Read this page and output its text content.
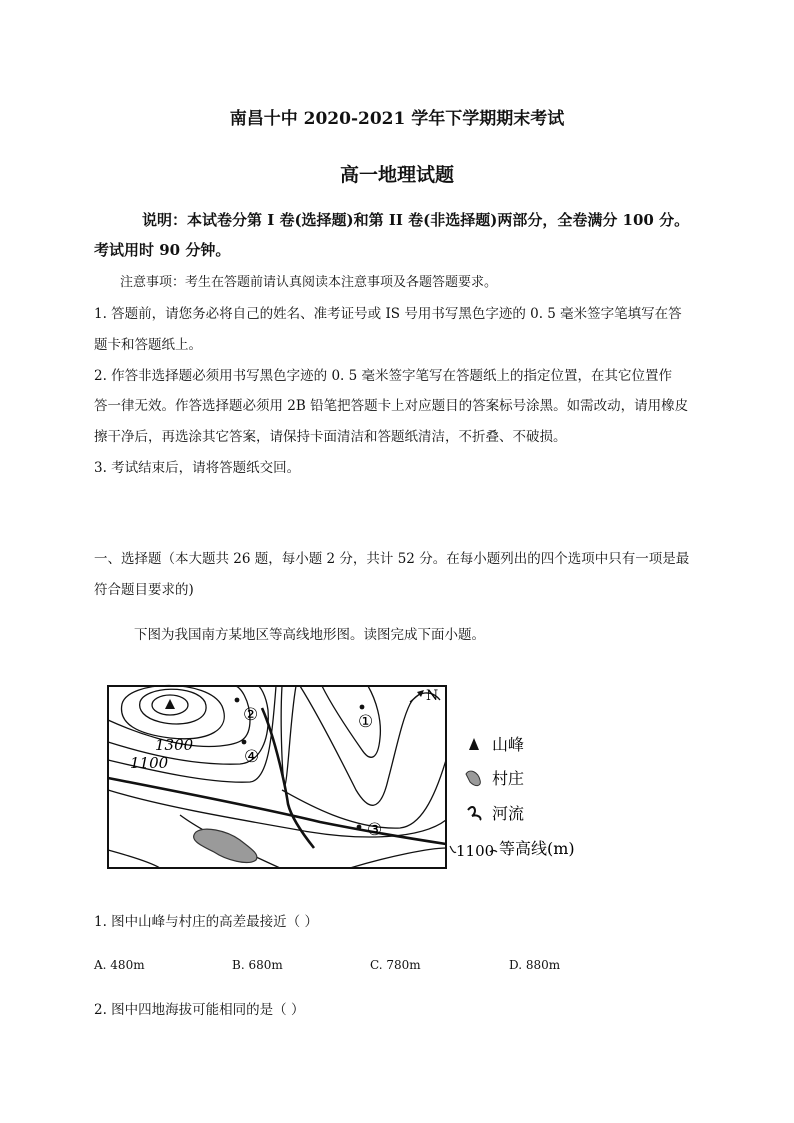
南昌十中 2020-2021 学年下学期期末考试
高一地理试题
说明：本试卷分第 I 卷(选择题)和第 II 卷(非选择题)两部分，全卷满分 100 分。
考试用时 90 分钟。
注意事项：考生在答题前请认真阅读本注意事项及各题答题要求。
1. 答题前，请您务必将自己的姓名、准考证号或 IS 号用书写黑色字迹的 0. 5 毫米签字笔填写在答
题卡和答题纸上。
2. 作答非选择题必须用书写黑色字迹的 0. 5 毫米签字笔写在答题纸上的指定位置，在其它位置作
答一律无效。作答选择题必须用 2B 铅笔把答题卡上对应题目的答案标号涂黑。如需改动，请用橡皮
擦干净后，再选涂其它答案，请保持卡面清洁和答题纸清洁，不折叠、不破损。
3. 考试结束后，请将答题纸交回。
一、选择题（本大题共 26 题，每小题 2 分，共计 52 分。在每小题列出的四个选项中只有一项是最
符合题目要求的)
下图为我国南方某地区等高线地形图。读图完成下面小题。
②
④
①
③
1300
1100
N
山峰
村庄
河流
1100 等高线(m)
1. 图中山峰与村庄的高差最接近（ ）
A. 480m	B. 680m	C. 780m	D. 880m
2. 图中四地海拔可能相同的是（ ）
